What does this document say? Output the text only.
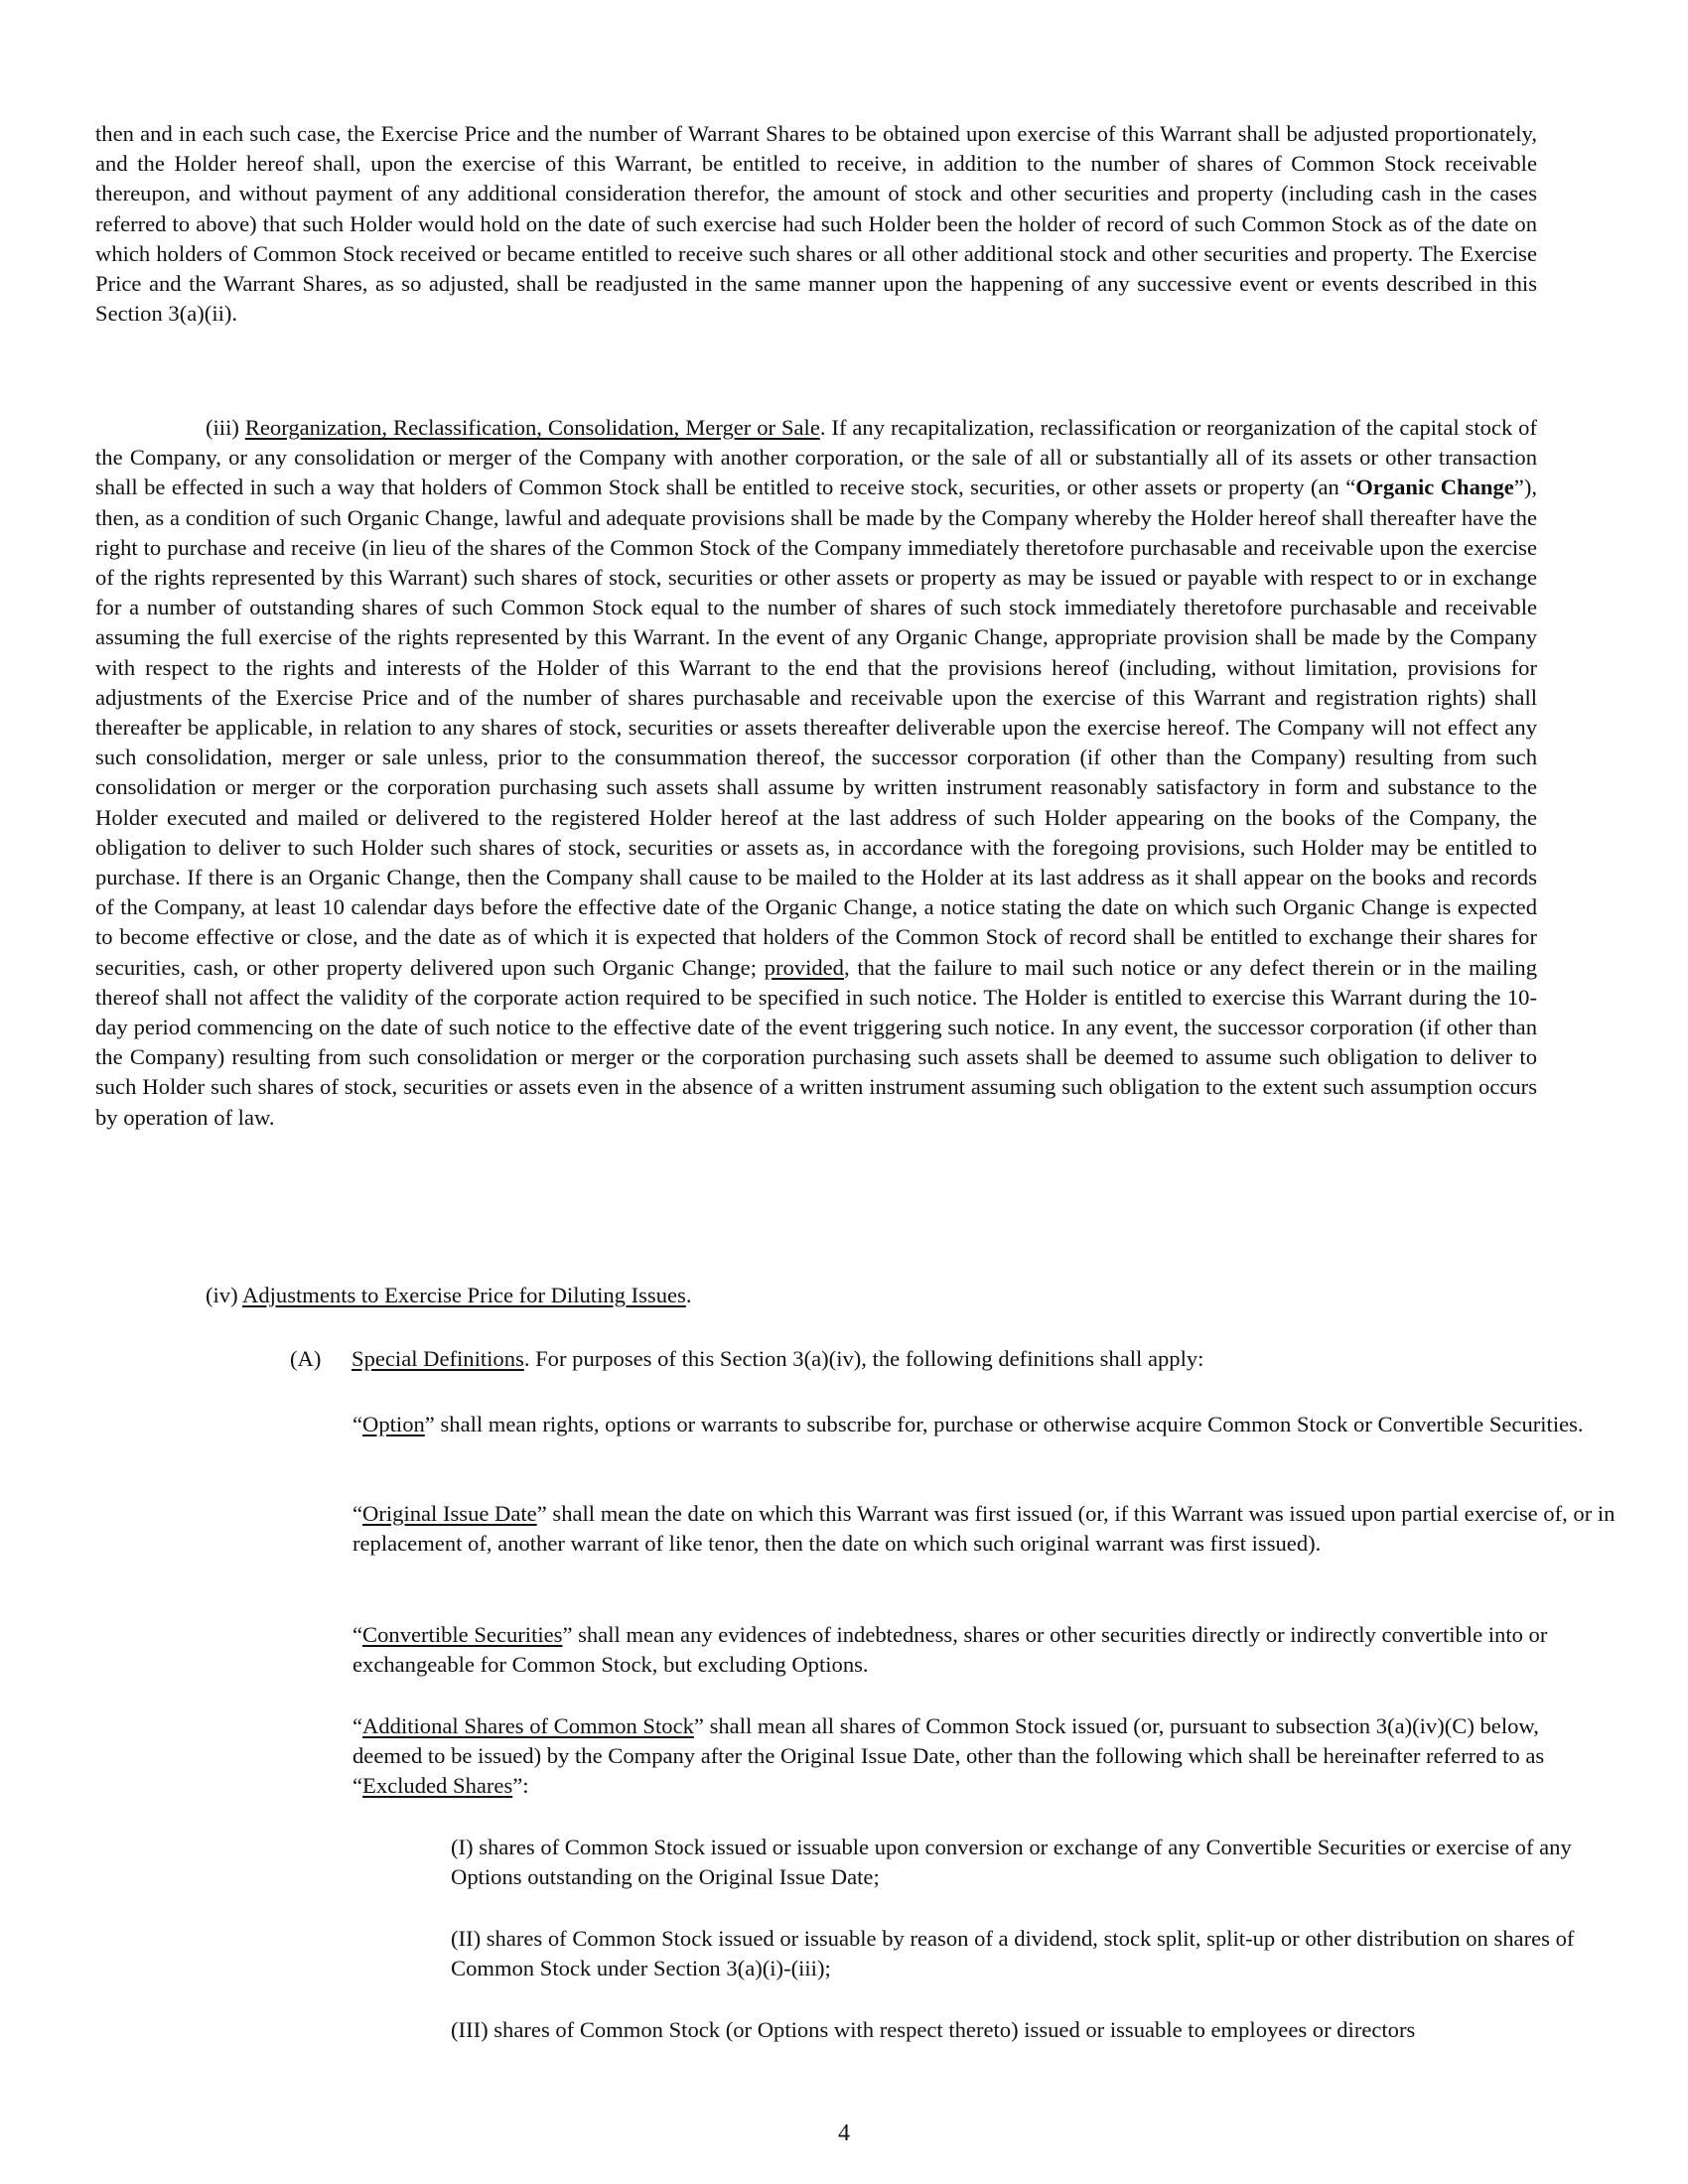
then and in each such case, the Exercise Price and the number of Warrant Shares to be obtained upon exercise of this Warrant shall be adjusted proportionately, and the Holder hereof shall, upon the exercise of this Warrant, be entitled to receive, in addition to the number of shares of Common Stock receivable thereupon, and without payment of any additional consideration therefor, the amount of stock and other securities and property (including cash in the cases referred to above) that such Holder would hold on the date of such exercise had such Holder been the holder of record of such Common Stock as of the date on which holders of Common Stock received or became entitled to receive such shares or all other additional stock and other securities and property. The Exercise Price and the Warrant Shares, as so adjusted, shall be readjusted in the same manner upon the happening of any successive event or events described in this Section 3(a)(ii).

(iii) Reorganization, Reclassification, Consolidation, Merger or Sale. If any recapitalization, reclassification or reorganization of the capital stock of the Company, or any consolidation or merger of the Company with another corporation, or the sale of all or substantially all of its assets or other transaction shall be effected in such a way that holders of Common Stock shall be entitled to receive stock, securities, or other assets or property (an “Organic Change”), then, as a condition of such Organic Change, lawful and adequate provisions shall be made by the Company whereby the Holder hereof shall thereafter have the right to purchase and receive (in lieu of the shares of the Common Stock of the Company immediately theretofore purchasable and receivable upon the exercise of the rights represented by this Warrant) such shares of stock, securities or other assets or property as may be issued or payable with respect to or in exchange for a number of outstanding shares of such Common Stock equal to the number of shares of such stock immediately theretofore purchasable and receivable assuming the full exercise of the rights represented by this Warrant. In the event of any Organic Change, appropriate provision shall be made by the Company with respect to the rights and interests of the Holder of this Warrant to the end that the provisions hereof (including, without limitation, provisions for adjustments of the Exercise Price and of the number of shares purchasable and receivable upon the exercise of this Warrant and registration rights) shall thereafter be applicable, in relation to any shares of stock, securities or assets thereafter deliverable upon the exercise hereof. The Company will not effect any such consolidation, merger or sale unless, prior to the consummation thereof, the successor corporation (if other than the Company) resulting from such consolidation or merger or the corporation purchasing such assets shall assume by written instrument reasonably satisfactory in form and substance to the Holder executed and mailed or delivered to the registered Holder hereof at the last address of such Holder appearing on the books of the Company, the obligation to deliver to such Holder such shares of stock, securities or assets as, in accordance with the foregoing provisions, such Holder may be entitled to purchase. If there is an Organic Change, then the Company shall cause to be mailed to the Holder at its last address as it shall appear on the books and records of the Company, at least 10 calendar days before the effective date of the Organic Change, a notice stating the date on which such Organic Change is expected to become effective or close, and the date as of which it is expected that holders of the Common Stock of record shall be entitled to exchange their shares for securities, cash, or other property delivered upon such Organic Change; provided, that the failure to mail such notice or any defect therein or in the mailing thereof shall not affect the validity of the corporate action required to be specified in such notice. The Holder is entitled to exercise this Warrant during the 10-day period commencing on the date of such notice to the effective date of the event triggering such notice. In any event, the successor corporation (if other than the Company) resulting from such consolidation or merger or the corporation purchasing such assets shall be deemed to assume such obligation to deliver to such Holder such shares of stock, securities or assets even in the absence of a written instrument assuming such obligation to the extent such assumption occurs by operation of law.

(iv) Adjustments to Exercise Price for Diluting Issues.

(A) Special Definitions. For purposes of this Section 3(a)(iv), the following definitions shall apply:

“Option” shall mean rights, options or warrants to subscribe for, purchase or otherwise acquire Common Stock or Convertible Securities.

“Original Issue Date” shall mean the date on which this Warrant was first issued (or, if this Warrant was issued upon partial exercise of, or in replacement of, another warrant of like tenor, then the date on which such original warrant was first issued).

“Convertible Securities” shall mean any evidences of indebtedness, shares or other securities directly or indirectly convertible into or exchangeable for Common Stock, but excluding Options.

“Additional Shares of Common Stock” shall mean all shares of Common Stock issued (or, pursuant to subsection 3(a)(iv)(C) below, deemed to be issued) by the Company after the Original Issue Date, other than the following which shall be hereinafter referred to as “Excluded Shares”:

(I) shares of Common Stock issued or issuable upon conversion or exchange of any Convertible Securities or exercise of any Options outstanding on the Original Issue Date;

(II) shares of Common Stock issued or issuable by reason of a dividend, stock split, split-up or other distribution on shares of Common Stock under Section 3(a)(i)-(iii);

(III) shares of Common Stock (or Options with respect thereto) issued or issuable to employees or directors

4
